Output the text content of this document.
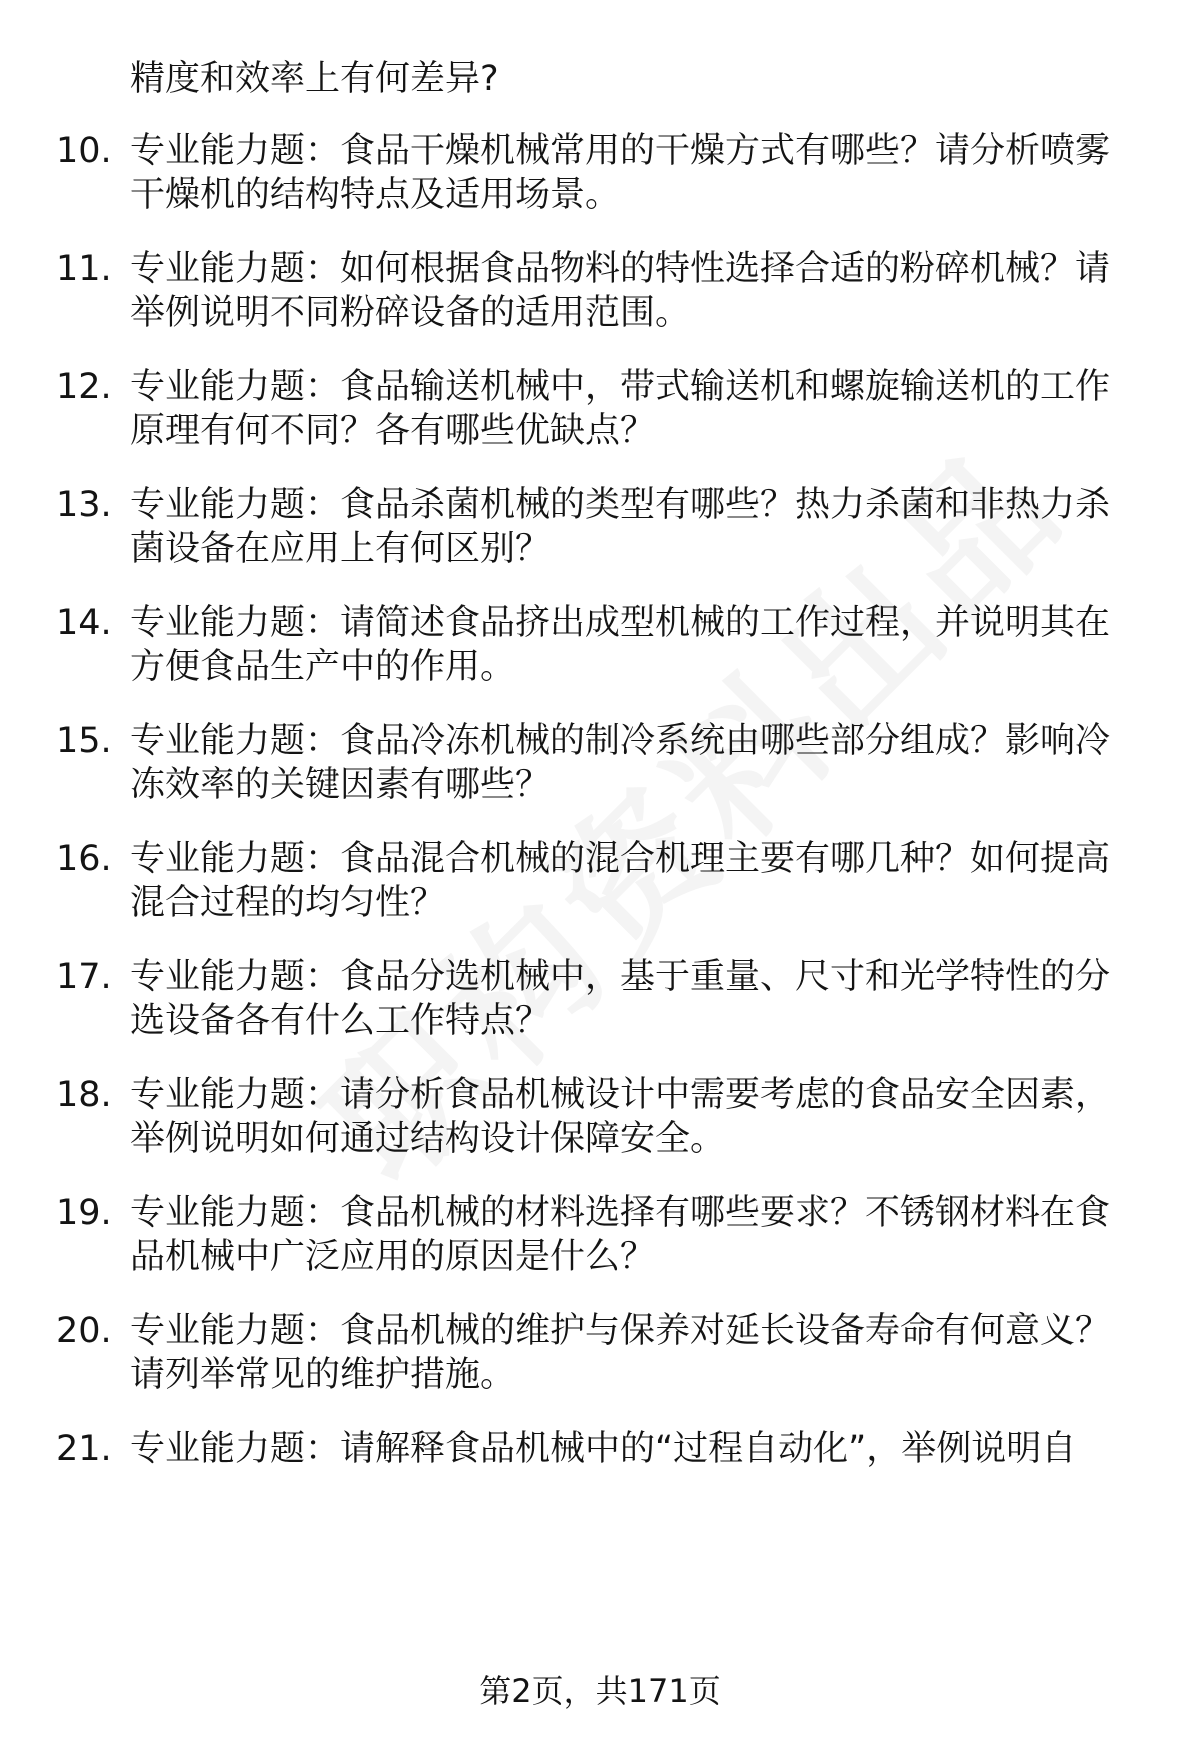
精度和效率上有何差异?
10. 专业能力题：食品干燥机械常用的干燥方式有哪些？请分析喷雾
干燥机的结构特点及适用场景。
11. 专业能力题：如何根据食品物料的特性选择合适的粉碎机械？请
举例说明不同粉碎设备的适用范围。
12. 专业能力题：食品输送机械中，带式输送机和螺旋输送机的工作
原理有何不同？各有哪些优缺点？
13. 专业能力题：食品杀菌机械的类型有哪些？热力杀菌和非热力杀
菌设备在应用上有何区别？
14. 专业能力题：请简述食品挤出成型机械的工作过程，并说明其在
方便食品生产中的作用。
15. 专业能力题：食品冷冻机械的制冷系统由哪些部分组成？影响冷
冻效率的关键因素有哪些？
16. 专业能力题：食品混合机械的混合机理主要有哪几种？如何提高
混合过程的均匀性？
17. 专业能力题：食品分选机械中，基于重量、尺寸和光学特性的分
选设备各有什么工作特点？
18. 专业能力题：请分析食品机械设计中需要考虑的食品安全因素，
举例说明如何通过结构设计保障安全。
19. 专业能力题：食品机械的材料选择有哪些要求？不锈钢材料在食
品机械中广泛应用的原因是什么？
20. 专业能力题：食品机械的维护与保养对延长设备寿命有何意义？
请列举常见的维护措施。
21. 专业能力题：请解释食品机械中的“过程自动化”，举例说明自
第2页，共171页
